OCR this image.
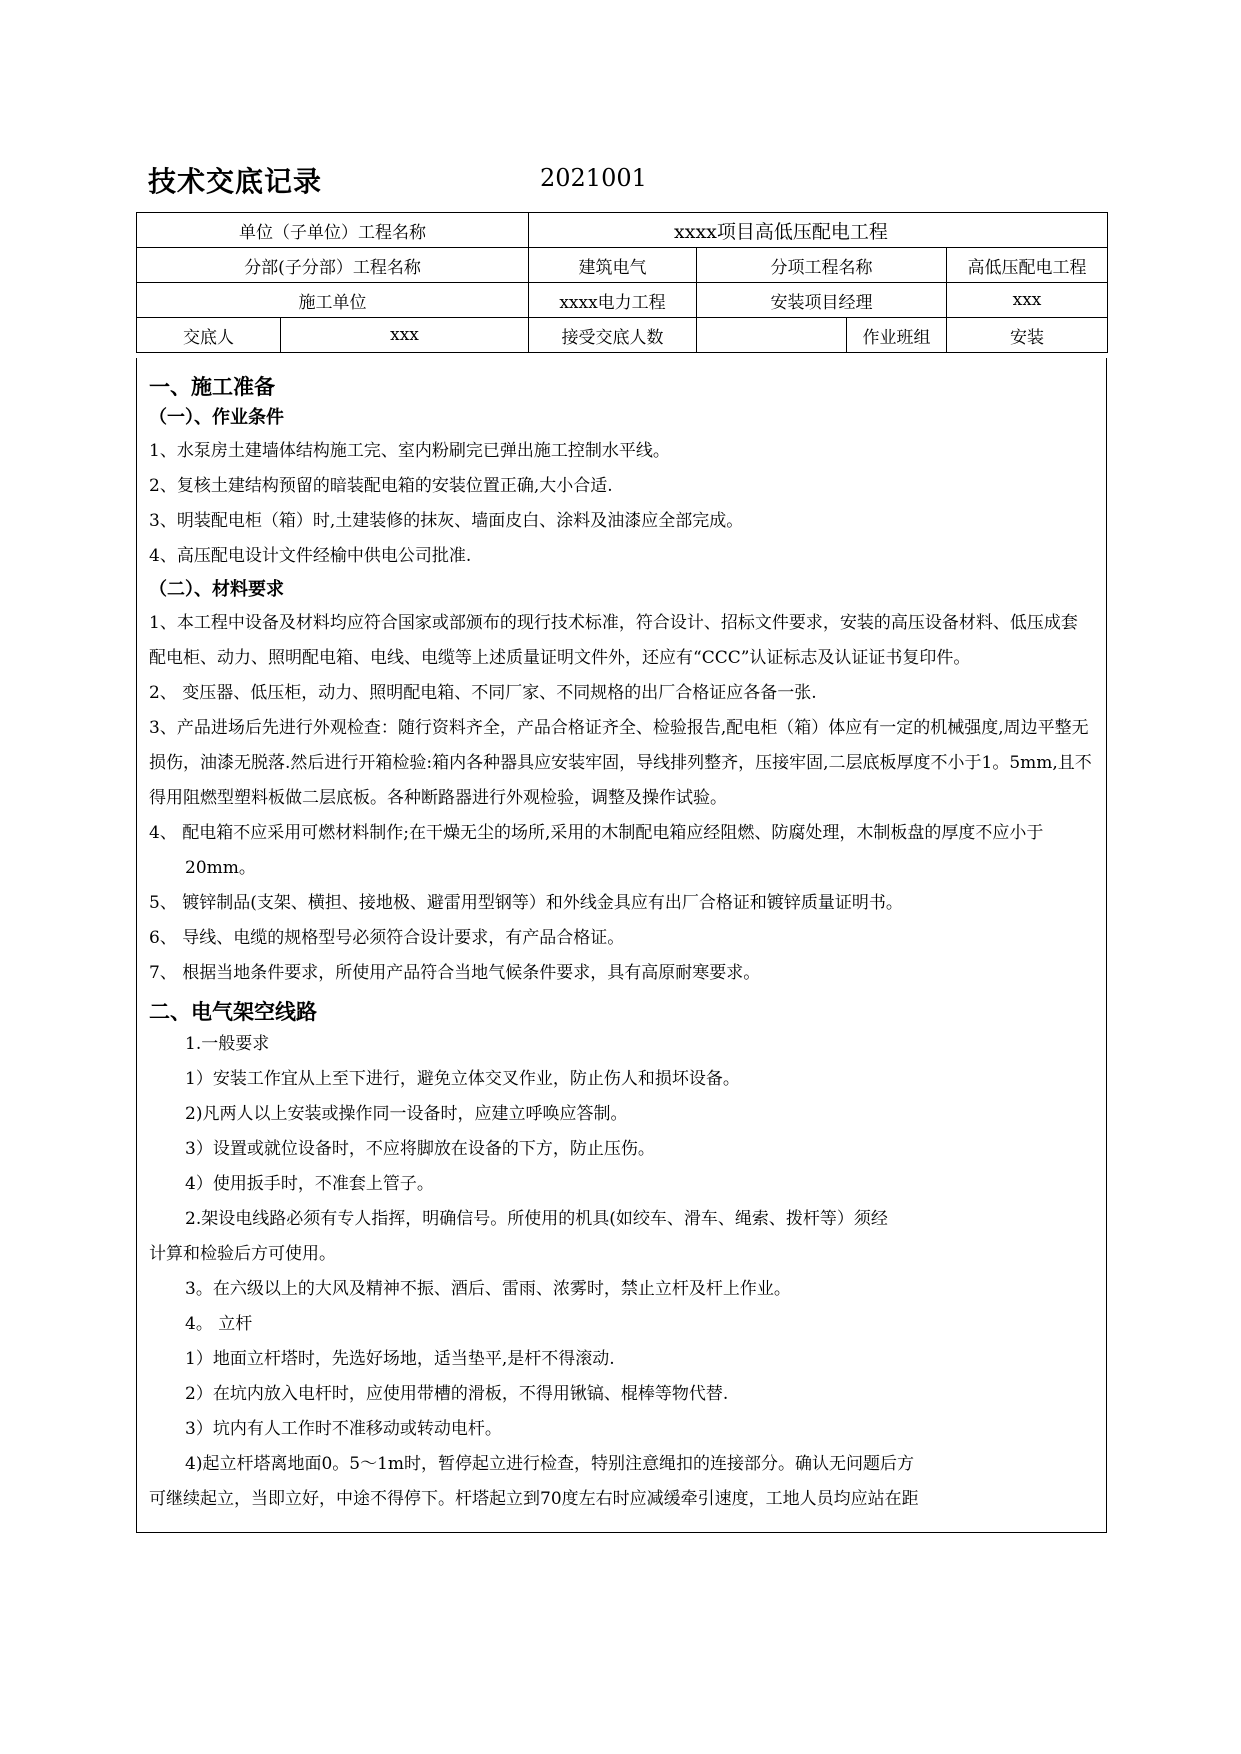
技术交底记录	2021001
单位（子单位）工程名称		xxxx项目高低压配电工程			
分部(子分部）工程名称		建筑电气	分项工程名称		高低压配电工程
施工单位		xxxx电力工程	安装项目经理		xxx
交底人	xxx	接受交底人数		作业班组	安装

一、施工准备

（一）、作业条件

1、水泵房土建墙体结构施工完、室内粉刷完已弹出施工控制水平线。

2、复核土建结构预留的暗装配电箱的安装位置正确,大小合适.

3、明装配电柜（箱）时,土建装修的抹灰、墙面皮白、涂料及油漆应全部完成。

4、高压配电设计文件经榆中供电公司批准.

（二）、材料要求

1、本工程中设备及材料均应符合国家或部颁布的现行技术标准，符合设计、招标文件要求，安装的高压设备材料、低压成套配电柜、动力、照明配电箱、电线、电缆等上述质量证明文件外，还应有“CCC”认证标志及认证证书复印件。

2、 变压器、低压柜，动力、照明配电箱、不同厂家、不同规格的出厂合格证应各备一张.

3、产品进场后先进行外观检查：随行资料齐全，产品合格证齐全、检验报告,配电柜（箱）体应有一定的机械强度,周边平整无损伤，油漆无脱落.然后进行开箱检验:箱内各种器具应安装牢固，导线排列整齐，压接牢固,二层底板厚度不小于1。5mm,且不得用阻燃型塑料板做二层底板。各种断路器进行外观检验，调整及操作试验。

4、 配电箱不应采用可燃材料制作;在干燥无尘的场所,采用的木制配电箱应经阻燃、防腐处理，木制板盘的厚度不应小于20mm。

5、 镀锌制品(支架、横担、接地极、避雷用型钢等）和外线金具应有出厂合格证和镀锌质量证明书。

6、 导线、电缆的规格型号必须符合设计要求，有产品合格证。

7、 根据当地条件要求，所使用产品符合当地气候条件要求，具有高原耐寒要求。

二、电气架空线路

1.一般要求

1）安装工作宜从上至下进行，避免立体交叉作业，防止伤人和损坏设备。

2)凡两人以上安装或操作同一设备时，应建立呼唤应答制。

3）设置或就位设备时，不应将脚放在设备的下方，防止压伤。

4）使用扳手时，不准套上管子。

2.架设电线路必须有专人指挥，明确信号。所使用的机具(如绞车、滑车、绳索、拨杆等）须经

计算和检验后方可使用。

3。在六级以上的大风及精神不振、酒后、雷雨、浓雾时，禁止立杆及杆上作业。

4。 立杆

1）地面立杆塔时，先选好场地，适当垫平,是杆不得滚动.

2）在坑内放入电杆时，应使用带槽的滑板，不得用锹镐、棍棒等物代替.

3）坑内有人工作时不准移动或转动电杆。

4)起立杆塔离地面0。5～1m时，暂停起立进行检查，特别注意绳扣的连接部分。确认无问题后方

可继续起立，当即立好，中途不得停下。杆塔起立到70度左右时应减缓牵引速度，工地人员均应站在距
